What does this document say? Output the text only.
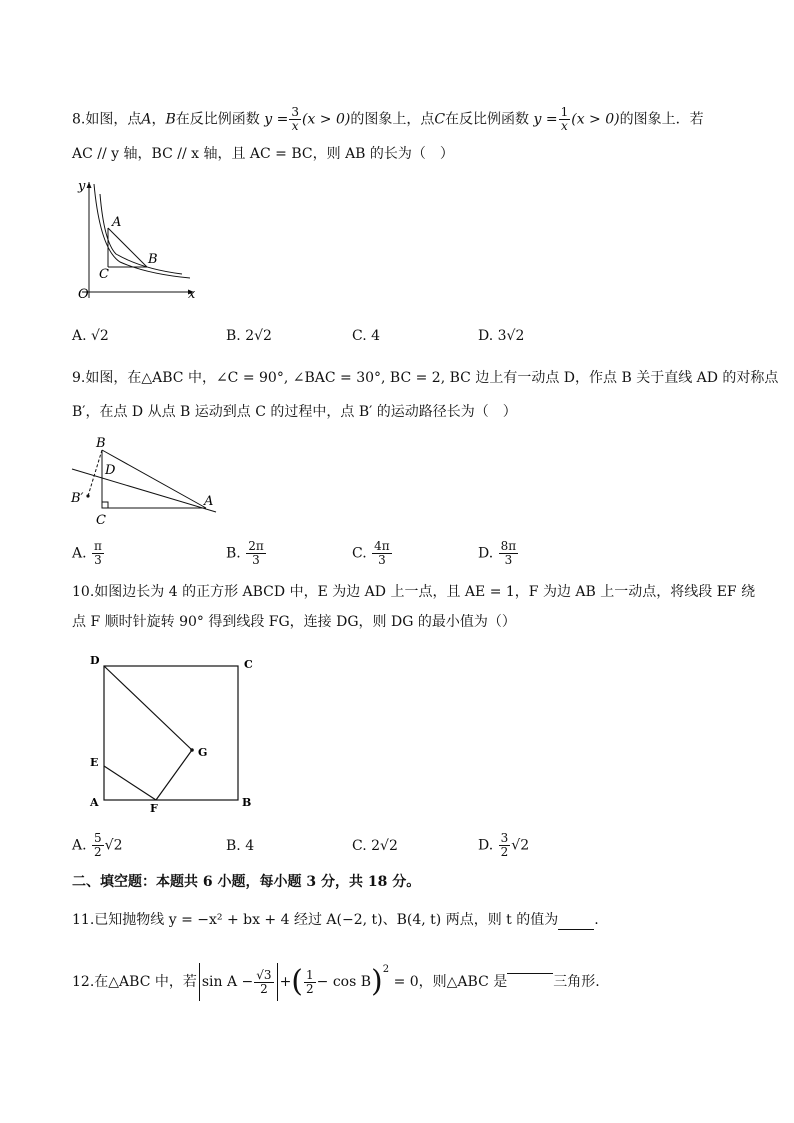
8.如图，点A，B在反比例函数 $y = \frac{3}{x} (x > 0)$的图象上，点C在反比例函数 $y = \frac{1}{x} (x > 0)$的图象上．若
AC // y 轴，BC // x 轴，且 AC = BC，则 AB 的长为（　）
y
x
O
A
B
C
A. √2	B. 2√2	C. 4	D. 3√2
9.如图，在△ABC 中，∠C = 90°, ∠BAC = 30°, BC = 2, BC 边上有一动点 D，作点 B 关于直线 AD 的对称点
B′，在点 D 从点 B 运动到点 C 的过程中，点 B′ 的运动路径长为（　）
B
D
B′	A
C
A. $\frac{\pi}{3}$	B. $\frac{2\pi}{3}$	C. $\frac{4\pi}{3}$	D. $\frac{8\pi}{3}$
10.如图边长为 4 的正方形 ABCD 中，E 为边 AD 上一点，且 AE = 1，F 为边 AB 上一动点，将线段 EF 绕
点 F 顺时针旋转 90° 得到线段 FG，连接 DG，则 DG 的最小值为（）
D	C
G
E
A	F	B
A. $\frac{5}{2} √2$	B. 4	C. 2√2	D. $\frac{3}{2} √2$
二、填空题：本题共 6 小题，每小题 3 分，共 18 分。
11.已知抛物线 y = −x² + bx + 4 经过 A(−2, t)、B(4, t) 两点，则 t 的值为	.
12.在△ABC 中，若 $\sin A - \frac{√3}{2}$ +( $\frac{1}{2} - \cos B)^2 = 0$，则△ABC 是	三角形.
